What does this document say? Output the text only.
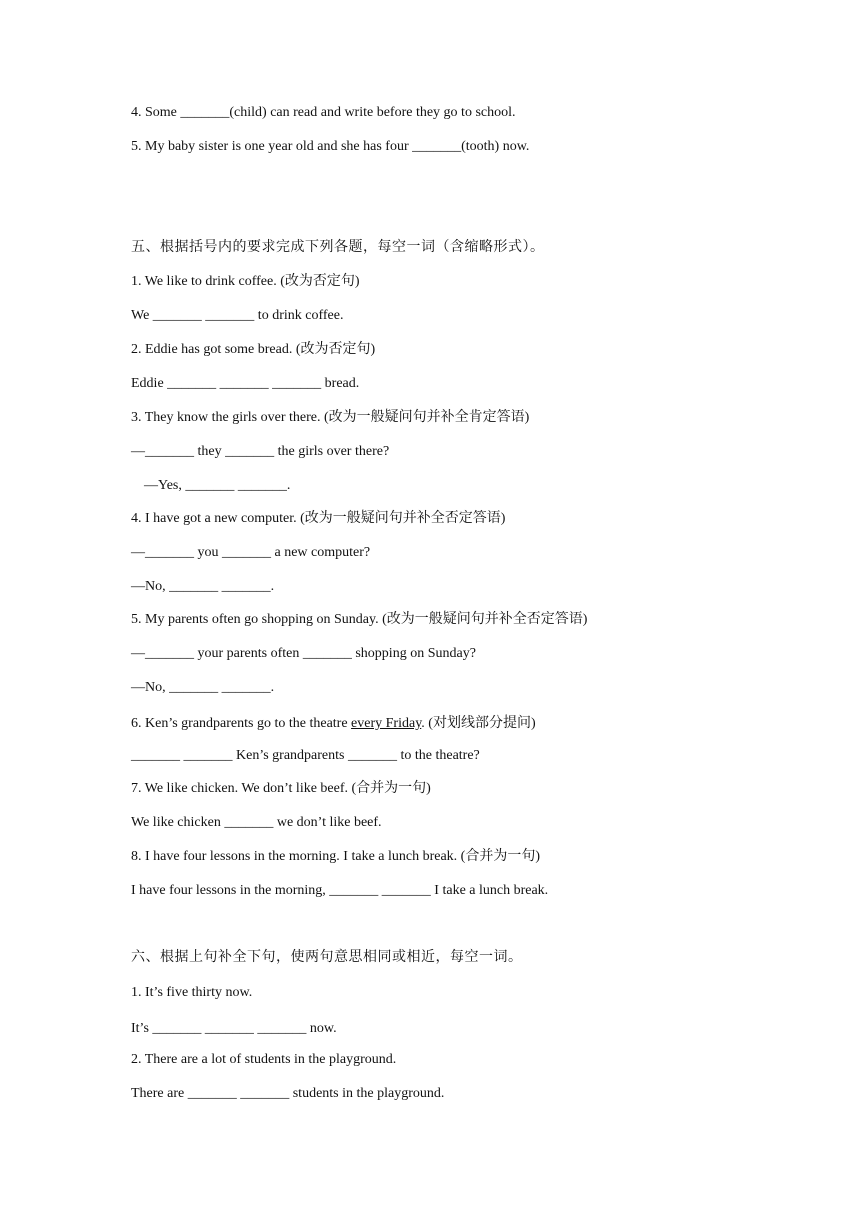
4. Some _______(child) can read and write before they go to school.
5. My baby sister is one year old and she has four _______(tooth) now.
五、根据括号内的要求完成下列各题，每空一词（含缩略形式）。
1. We like to drink coffee. (改为否定句)
We _______ _______ to drink coffee.
2. Eddie has got some bread. (改为否定句)
Eddie _______ _______ _______ bread.
3. They know the girls over there. (改为一般疑问句并补全肯定答语)
—_______ they _______ the girls over there?
—Yes, _______ _______.
4. I have got a new computer. (改为一般疑问句并补全否定答语)
—_______ you _______ a new computer?
—No, _______ _______.
5. My parents often go shopping on Sunday. (改为一般疑问句并补全否定答语)
—_______ your parents often _______ shopping on Sunday?
—No, _______ _______.
6. Ken’s grandparents go to the theatre every Friday. (对划线部分提问)
_______ _______ Ken’s grandparents _______ to the theatre?
7. We like chicken. We don’t like beef. (合并为一句)
We like chicken _______ we don’t like beef.
8. I have four lessons in the morning. I take a lunch break. (合并为一句)
I have four lessons in the morning, _______ _______ I take a lunch break.
六、根据上句补全下句，使两句意思相同或相近，每空一词。
1. It’s five thirty now.
It’s _______ _______ _______ now.
2. There are a lot of students in the playground.
There are _______ _______ students in the playground.
